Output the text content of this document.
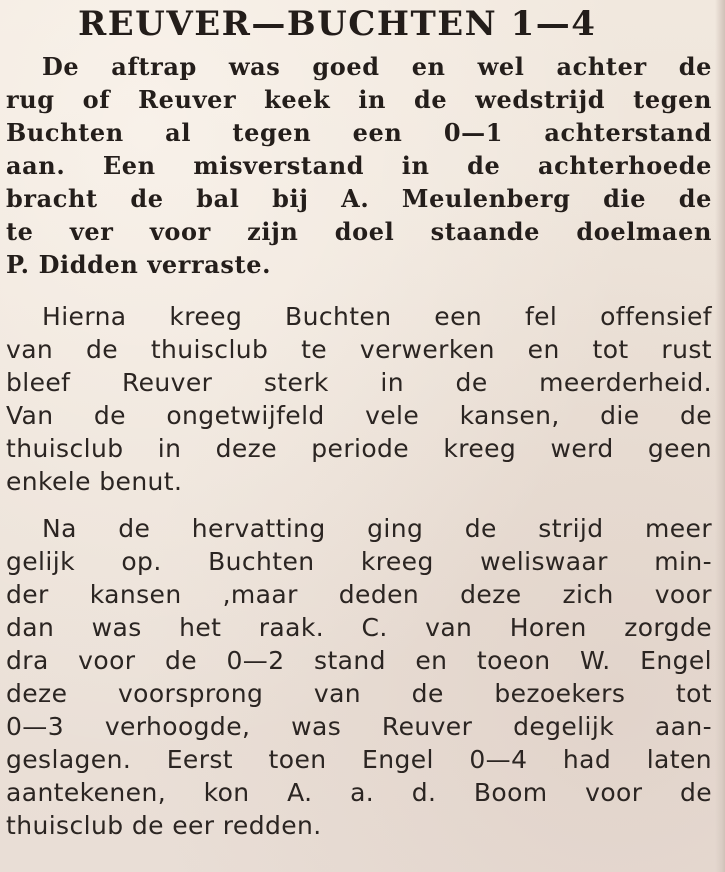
REUVER—BUCHTEN 1—4
De aftrap was goed en wel achter de
rug of Reuver keek in de wedstrijd tegen
Buchten al tegen een 0—1 achterstand
aan. Een misverstand in de achterhoede
bracht de bal bij A. Meulenberg die de
te ver voor zijn doel staande doelmaen
P. Didden verraste.
Hierna kreeg Buchten een fel offensief
van de thuisclub te verwerken en tot rust
bleef Reuver sterk in de meerderheid.
Van de ongetwijfeld vele kansen, die de
thuisclub in deze periode kreeg werd geen
enkele benut.
Na de hervatting ging de strijd meer
gelijk op. Buchten kreeg weliswaar min-
der kansen ,maar deden deze zich voor
dan was het raak. C. van Horen zorgde
dra voor de 0—2 stand en toeon W. Engel
deze voorsprong van de bezoekers tot
0—3 verhoogde, was Reuver degelijk aan-
geslagen. Eerst toen Engel 0—4 had laten
aantekenen, kon A. a. d. Boom voor de
thuisclub de eer redden.
